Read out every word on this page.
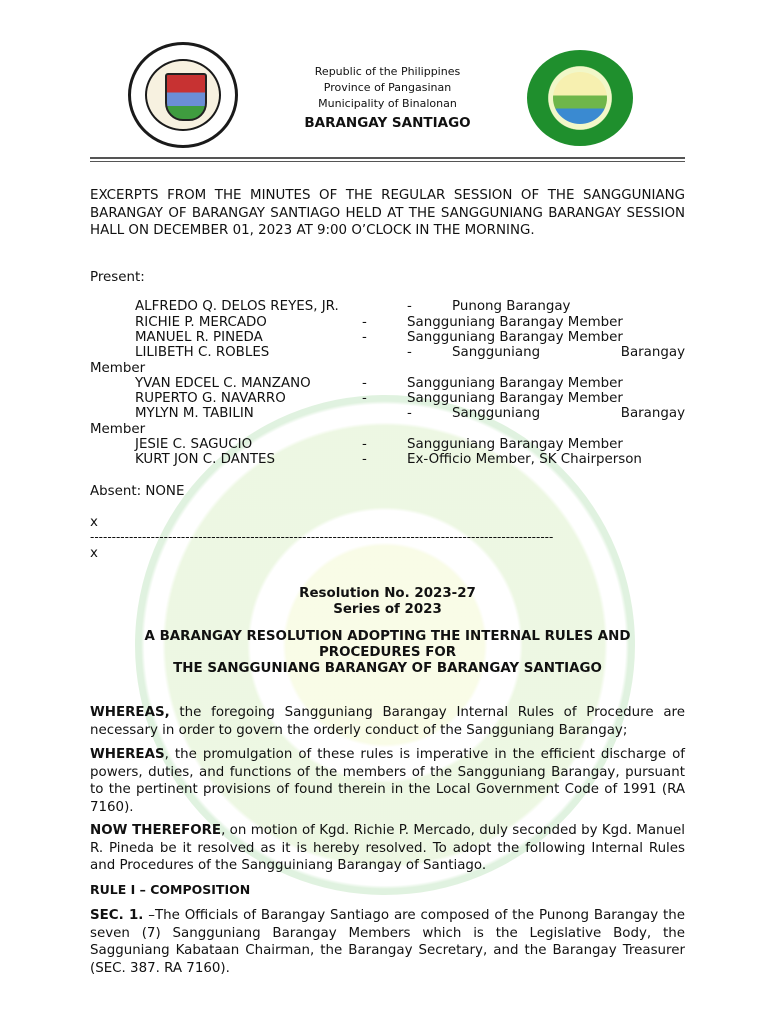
Republic of the Philippines
Province of Pangasinan
Municipality of Binalonan
BARANGAY SANTIAGO
EXCERPTS FROM THE MINUTES OF THE REGULAR SESSION OF THE SANGGUNIANG BARANGAY OF BARANGAY SANTIAGO HELD AT THE SANGGUNIANG BARANGAY SESSION HALL ON DECEMBER 01, 2023 AT 9:00 O’CLOCK IN THE MORNING.
Present:
ALFREDO Q. DELOS REYES, JR.	-	Punong Barangay
RICHIE P. MERCADO	-	Sangguniang Barangay Member
MANUEL R. PINEDA	-	Sangguniang Barangay Member
LILIBETH C. ROBLES	-	Sangguniang Barangay
Member
YVAN EDCEL C. MANZANO	-	Sangguniang Barangay Member
RUPERTO G. NAVARRO	-	Sangguniang Barangay Member
MYLYN M. TABILIN	-	Sangguniang Barangay
Member
JESIE C. SAGUCIO	-	Sangguniang Barangay Member
KURT JON C. DANTES	-	Ex-Officio Member, SK Chairperson
Absent: NONE
x
-----------------------------------------------------------------------------------------------------------
x
Resolution No. 2023-27
Series of 2023
A BARANGAY RESOLUTION ADOPTING THE INTERNAL RULES AND
PROCEDURES FOR
THE SANGGUNIANG BARANGAY OF BARANGAY SANTIAGO
WHEREAS, the foregoing Sangguniang Barangay Internal Rules of Procedure are necessary in order to govern the orderly conduct of the Sangguniang Barangay;
WHEREAS, the promulgation of these rules is imperative in the efficient discharge of powers, duties, and functions of the members of the Sangguniang Barangay, pursuant to the pertinent provisions of found therein in the Local Government Code of 1991 (RA 7160).
NOW THEREFORE, on motion of Kgd. Richie P. Mercado, duly seconded by Kgd. Manuel R. Pineda be it resolved as it is hereby resolved. To adopt the following Internal Rules and Procedures of the Sangguiniang Barangay of Santiago.
RULE I – COMPOSITION
SEC. 1. –The Officials of Barangay Santiago are composed of the Punong Barangay the seven (7) Sangguniang Barangay Members which is the Legislative Body, the Sagguniang Kabataan Chairman, the Barangay Secretary, and the Barangay Treasurer (SEC. 387. RA 7160).
